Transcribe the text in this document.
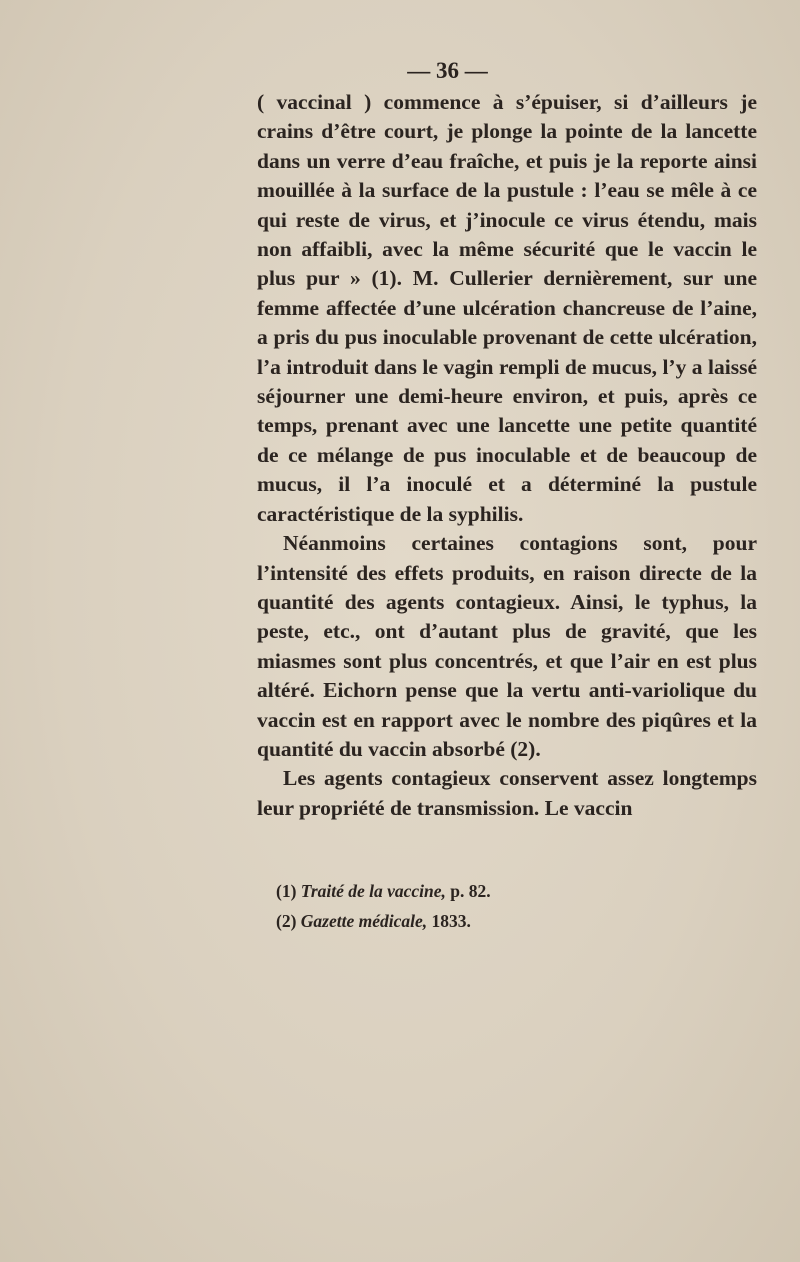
— 36 —

( vaccinal ) commence à s’épuiser, si d’ailleurs je crains d’être court, je plonge la pointe de la lancette dans un verre d’eau fraîche, et puis je la reporte ainsi mouillée à la surface de la pustule : l’eau se mêle à ce qui reste de virus, et j’inocule ce virus étendu, mais non affaibli, avec la même sécurité que le vaccin le plus pur » (1). M. Cullerier dernièrement, sur une femme affectée d’une ulcération chancreuse de l’aine, a pris du pus inoculable provenant de cette ulcération, l’a introduit dans le vagin rempli de mucus, l’y a laissé séjourner une demi-heure environ, et puis, après ce temps, prenant avec une lancette une petite quantité de ce mélange de pus inoculable et de beaucoup de mucus, il l’a inoculé et a déterminé la pustule caractéristique de la syphilis.

Néanmoins certaines contagions sont, pour l’intensité des effets produits, en raison directe de la quantité des agents contagieux. Ainsi, le typhus, la peste, etc., ont d’autant plus de gravité, que les miasmes sont plus concentrés, et que l’air en est plus altéré. Eichorn pense que la vertu anti-variolique du vaccin est en rapport avec le nombre des piqûres et la quantité du vaccin absorbé (2).

Les agents contagieux conservent assez longtemps leur propriété de transmission. Le vaccin

(1) Traité de la vaccine, p. 82.
(2) Gazette médicale, 1833.
